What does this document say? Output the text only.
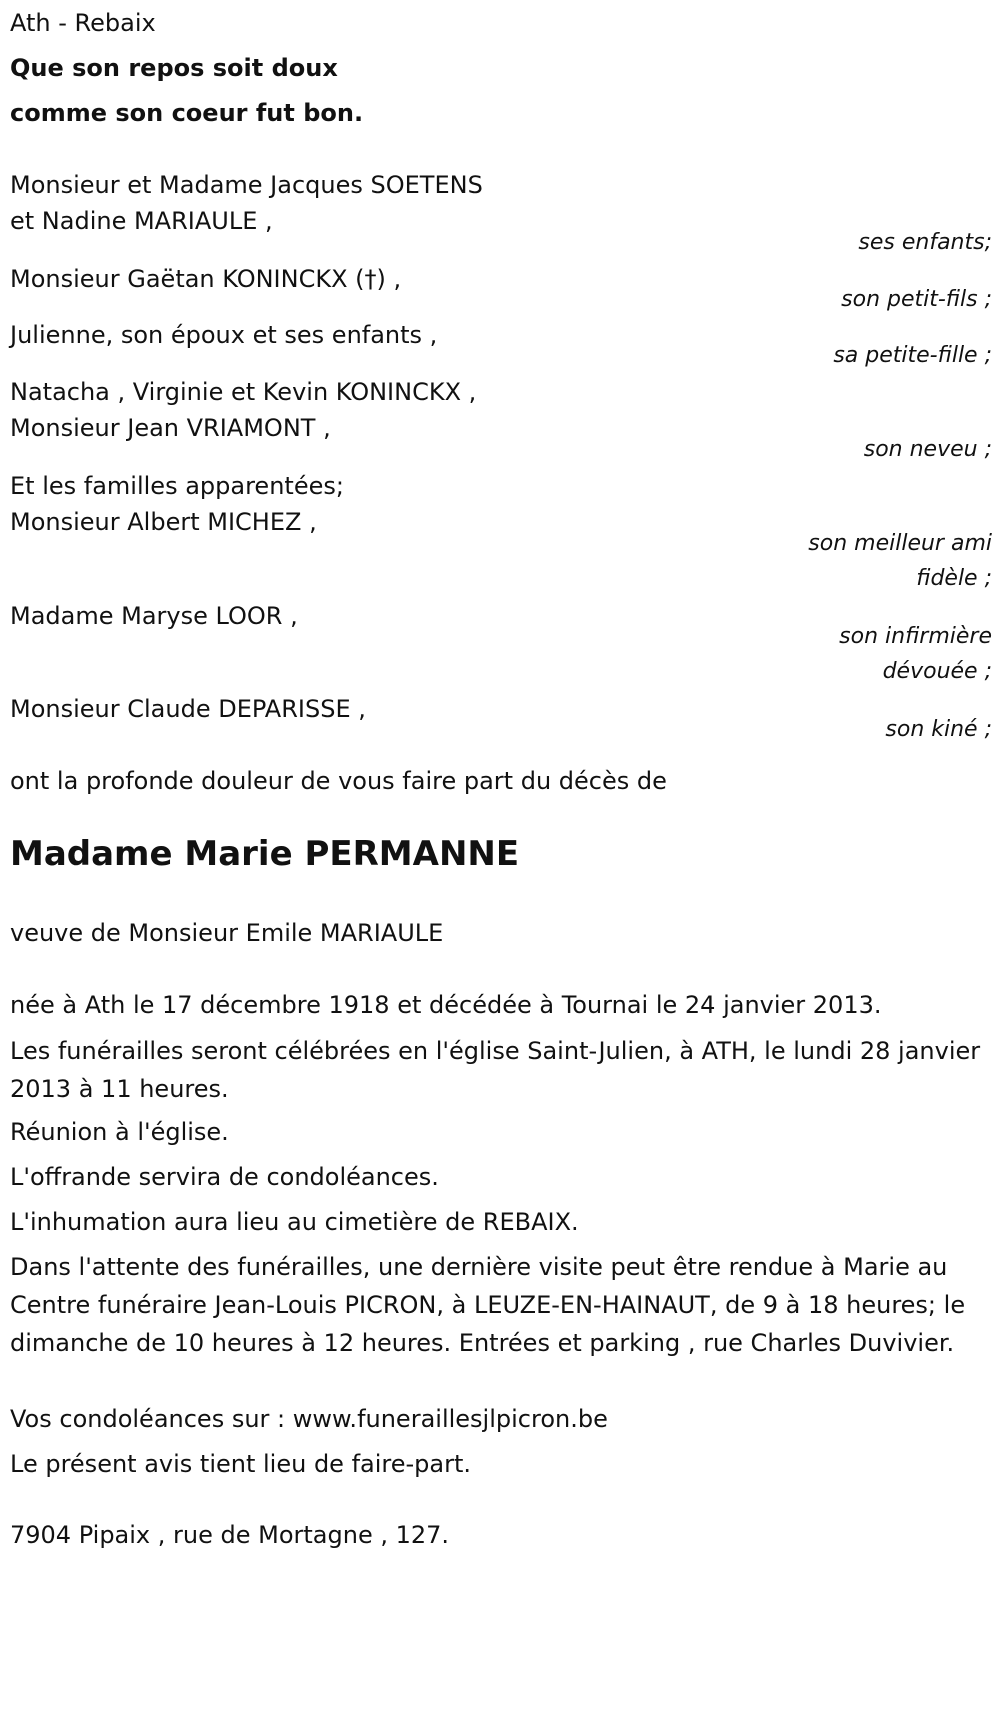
Ath - Rebaix
Que son repos soit doux
comme son coeur fut bon.
Monsieur et Madame Jacques SOETENS
et Nadine MARIAULE ,
ses enfants;
Monsieur Gaëtan KONINCKX (†) ,
son petit-fils ;
Julienne, son époux et ses enfants ,
sa petite-fille ;
Natacha , Virginie et Kevin KONINCKX ,
Monsieur Jean VRIAMONT ,
son neveu ;
Et les familles apparentées;
Monsieur Albert MICHEZ ,
son meilleur ami
fidèle ;
Madame Maryse LOOR ,
son infirmière
dévouée ;
Monsieur Claude DEPARISSE ,
son kiné ;
ont la profonde douleur de vous faire part du décès de
Madame Marie PERMANNE
veuve de Monsieur Emile MARIAULE
née à Ath le 17 décembre 1918 et décédée à Tournai le 24 janvier 2013.
Les funérailles seront célébrées en l'église Saint-Julien, à ATH, le lundi 28 janvier 2013 à 11 heures.
Réunion à l'église.
L'offrande servira de condoléances.
L'inhumation aura lieu au cimetière de REBAIX.
Dans l'attente des funérailles, une dernière visite peut être rendue à Marie au Centre funéraire Jean-Louis PICRON, à LEUZE-EN-HAINAUT, de 9 à 18 heures; le dimanche de 10 heures à 12 heures. Entrées et parking , rue Charles Duvivier.
Vos condoléances sur : www.funeraillesjlpicron.be
Le présent avis tient lieu de faire-part.
7904 Pipaix , rue de Mortagne , 127.
